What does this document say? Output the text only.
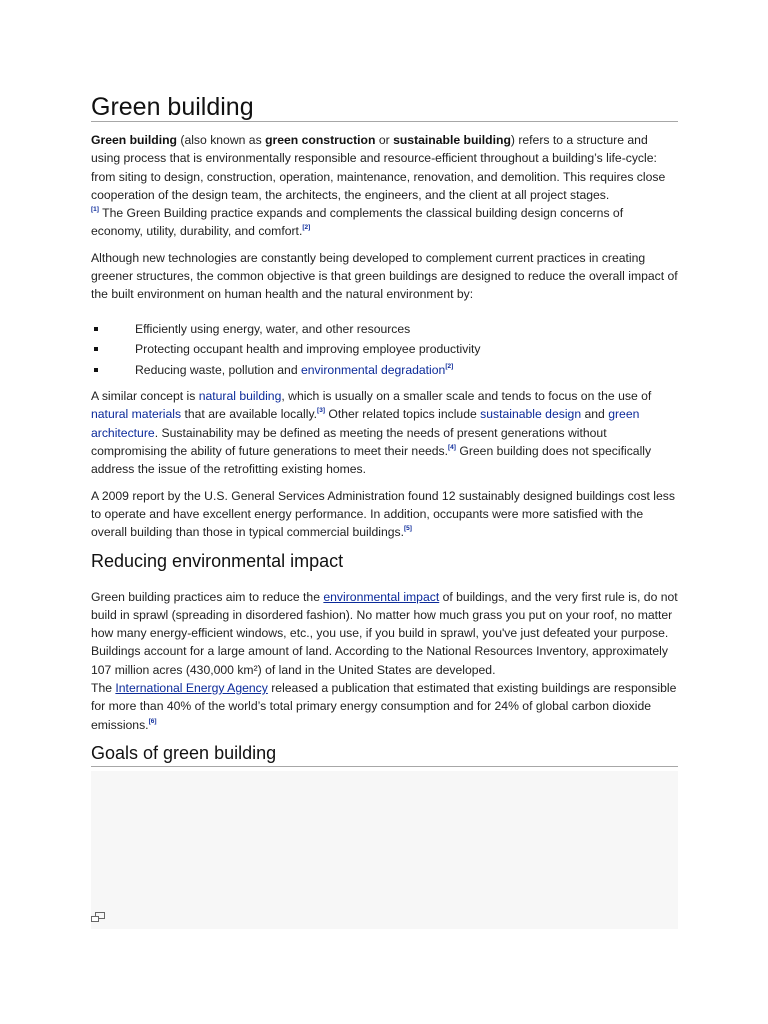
Green building

Green building (also known as green construction or sustainable building) refers to a structure and using process that is environmentally responsible and resource-efficient throughout a building’s life-cycle: from siting to design, construction, operation, maintenance, renovation, and demolition. This requires close cooperation of the design team, the architects, the engineers, and the client at all project stages.
[1] The Green Building practice expands and complements the classical building design concerns of economy, utility, durability, and comfort.[2]

Although new technologies are constantly being developed to complement current practices in creating greener structures, the common objective is that green buildings are designed to reduce the overall impact of the built environment on human health and the natural environment by:

Efficiently using energy, water, and other resources
Protecting occupant health and improving employee productivity
Reducing waste, pollution and environmental degradation[2]

A similar concept is natural building, which is usually on a smaller scale and tends to focus on the use of natural materials that are available locally.[3] Other related topics include sustainable design and green architecture. Sustainability may be defined as meeting the needs of present generations without compromising the ability of future generations to meet their needs.[4] Green building does not specifically address the issue of the retrofitting existing homes.

A 2009 report by the U.S. General Services Administration found 12 sustainably designed buildings cost less to operate and have excellent energy performance. In addition, occupants were more satisfied with the overall building than those in typical commercial buildings.[5]

Reducing environmental impact

Green building practices aim to reduce the environmental impact of buildings, and the very first rule is, do not build in sprawl (spreading in disordered fashion). No matter how much grass you put on your roof, no matter how many energy-efficient windows, etc., you use, if you build in sprawl, you've just defeated your purpose. Buildings account for a large amount of land. According to the National Resources Inventory, approximately 107 million acres (430,000 km²) of land in the United States are developed.
The International Energy Agency released a publication that estimated that existing buildings are responsible for more than 40% of the world’s total primary energy consumption and for 24% of global carbon dioxide emissions.[6]

Goals of green building
